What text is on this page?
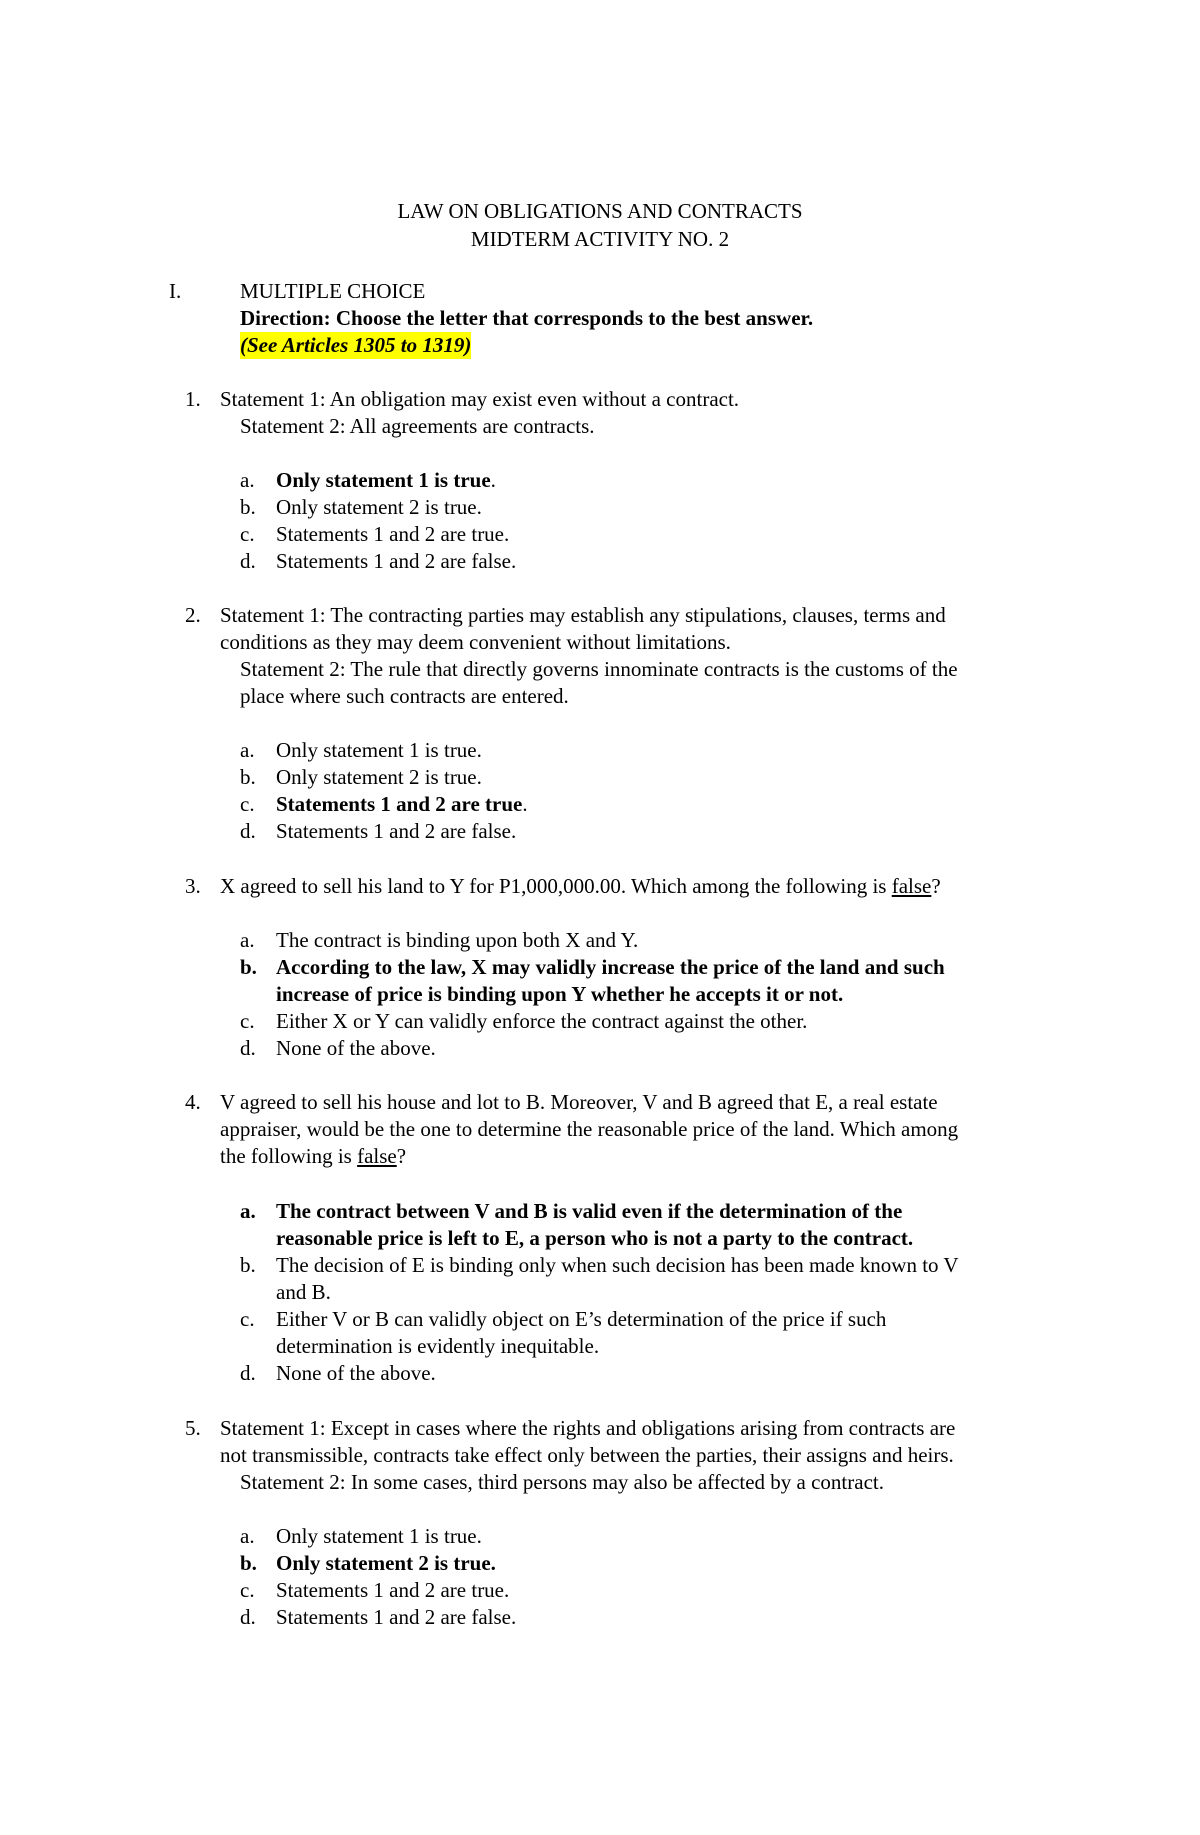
LAW ON OBLIGATIONS AND CONTRACTS
MIDTERM ACTIVITY NO. 2
I.	MULTIPLE CHOICE
Direction: Choose the letter that corresponds to the best answer.
(See Articles 1305 to 1319)
1. Statement 1: An obligation may exist even without a contract.
Statement 2: All agreements are contracts.
a.	Only statement 1 is true.
b. Only statement 2 is true.
c.	Statements 1 and 2 are true.
d. Statements 1 and 2 are false.
2. Statement 1: The contracting parties may establish any stipulations, clauses, terms and
conditions as they may deem convenient without limitations.
Statement 2: The rule that directly governs innominate contracts is the customs of the
place where such contracts are entered.
a.	Only statement 1 is true.
b. Only statement 2 is true.
c.	Statements 1 and 2 are true.
d. Statements 1 and 2 are false.
3. X agreed to sell his land to Y for P1,000,000.00. Which among the following is false?
a.	The contract is binding upon both X and Y.
b. According to the law, X may validly increase the price of the land and such
increase of price is binding upon Y whether he accepts it or not.
c.	Either X or Y can validly enforce the contract against the other.
d. None of the above.
4. V agreed to sell his house and lot to B. Moreover, V and B agreed that E, a real estate
appraiser, would be the one to determine the reasonable price of the land. Which among
the following is false?
a. The contract between V and B is valid even if the determination of the
reasonable price is left to E, a person who is not a party to the contract.
b. The decision of E is binding only when such decision has been made known to V
and B.
c.	Either V or B can validly object on E’s determination of the price if such
determination is evidently inequitable.
d. None of the above.
5. Statement 1: Except in cases where the rights and obligations arising from contracts are
not transmissible, contracts take effect only between the parties, their assigns and heirs.
Statement 2: In some cases, third persons may also be affected by a contract.
a.	Only statement 1 is true.
b. Only statement 2 is true.
c.	Statements 1 and 2 are true.
d. Statements 1 and 2 are false.
